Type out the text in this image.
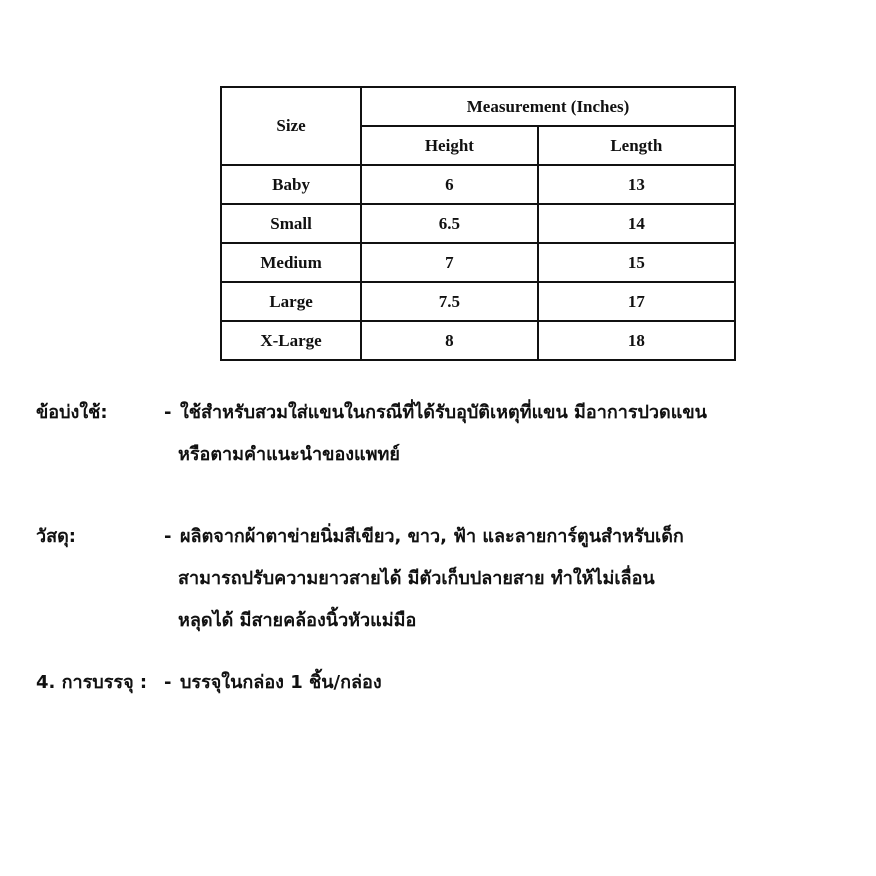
Size	Measurement (Inches)	
	Height	Length
Baby	6	13
Small	6.5	14
Medium	7	15
Large	7.5	17
X-Large	8	18
ข้อบ่งใช้:	- ใช้สำหรับสวมใส่แขนในกรณีที่ได้รับอุบัติเหตุที่แขน มีอาการปวดแขน
หรือตามคำแนะนำของแพทย์
วัสดุ:	- ผลิตจากผ้าตาข่ายนิ่มสีเขียว, ขาว, ฟ้า และลายการ์ตูนสำหรับเด็ก
สามารถปรับความยาวสายได้ มีตัวเก็บปลายสาย ทำให้ไม่เลื่อน
หลุดได้ มีสายคล้องนิ้วหัวแม่มือ
4. การบรรจุ : - บรรจุในกล่อง 1 ชิ้น/กล่อง
